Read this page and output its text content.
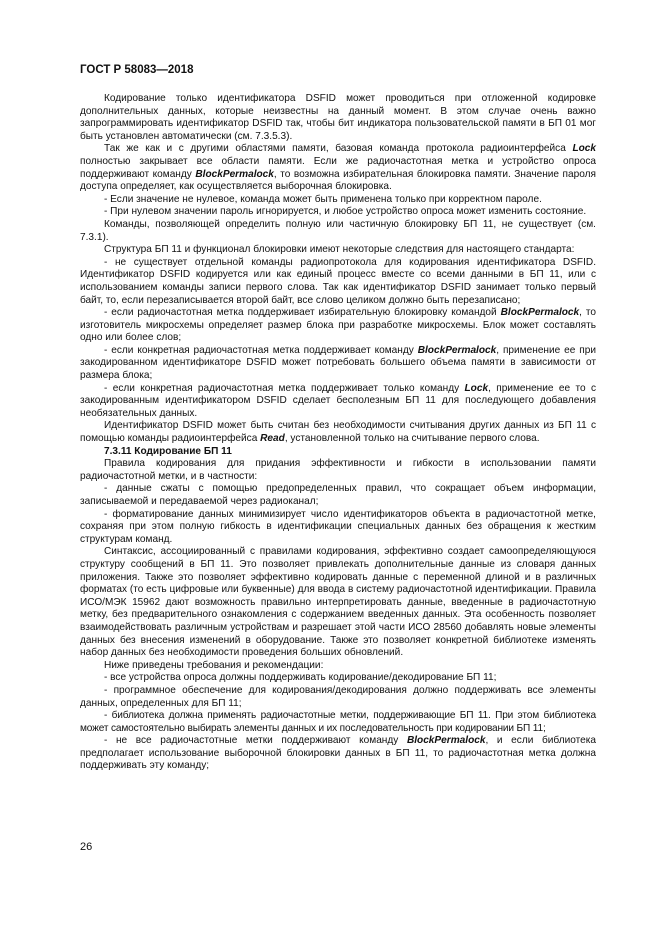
ГОСТ Р 58083—2018

Кодирование только идентификатора DSFID может проводиться при отложенной кодировке дополнительных данных, которые неизвестны на данный момент. В этом случае очень важно запрограммировать идентификатор DSFID так, чтобы бит индикатора пользовательской памяти в БП 01 мог быть установлен автоматически (см. 7.3.5.3).

Так же как и с другими областями памяти, базовая команда протокола радиоинтерфейса Lock полностью закрывает все области памяти. Если же радиочастотная метка и устройство опроса поддерживают команду BlockPermalock, то возможна избирательная блокировка памяти. Значение пароля доступа определяет, как осуществляется выборочная блокировка.

- Если значение не нулевое, команда может быть применена только при корректном пароле.

- При нулевом значении пароль игнорируется, и любое устройство опроса может изменить состояние.

Команды, позволяющей определить полную или частичную блокировку БП 11, не существует (см. 7.3.1).

Структура БП 11 и функционал блокировки имеют некоторые следствия для настоящего стандарта:

- не существует отдельной команды радиопротокола для кодирования идентификатора DSFID. Идентификатор DSFID кодируется или как единый процесс вместе со всеми данными в БП 11, или с использованием команды записи первого слова. Так как идентификатор DSFID занимает только первый байт, то, если перезаписывается второй байт, все слово целиком должно быть перезаписано;

- если радиочастотная метка поддерживает избирательную блокировку командой BlockPermalock, то изготовитель микросхемы определяет размер блока при разработке микросхемы. Блок может составлять одно или более слов;

- если конкретная радиочастотная метка поддерживает команду BlockPermalock, применение ее при закодированном идентификаторе DSFID может потребовать большего объема памяти в зависимости от размера блока;

- если конкретная радиочастотная метка поддерживает только команду Lock, применение ее то с закодированным идентификатором DSFID сделает бесполезным БП 11 для последующего добавления необязательных данных.

Идентификатор DSFID может быть считан без необходимости считывания других данных из БП 11 с помощью команды радиоинтерфейса Read, установленной только на считывание первого слова.

7.3.11 Кодирование БП 11

Правила кодирования для придания эффективности и гибкости в использовании памяти радиочастотной метки, и в частности:

- данные сжаты с помощью предопределенных правил, что сокращает объем информации, записываемой и передаваемой через радиоканал;

- форматирование данных минимизирует число идентификаторов объекта в радиочастотной метке, сохраняя при этом полную гибкость в идентификации специальных данных без обращения к жестким структурам команд.

Синтаксис, ассоциированный с правилами кодирования, эффективно создает самоопределяющуюся структуру сообщений в БП 11. Это позволяет привлекать дополнительные данные из словаря данных приложения. Также это позволяет эффективно кодировать данные с переменной длиной и в различных форматах (то есть цифровые или буквенные) для ввода в систему радиочастотной идентификации. Правила ИСО/МЭК 15962 дают возможность правильно интерпретировать данные, введенные в радиочастотную метку, без предварительного ознакомления с содержанием введенных данных. Эта особенность позволяет взаимодействовать различным устройствам и разрешает этой части ИСО 28560 добавлять новые элементы данных без внесения изменений в оборудование. Также это позволяет конкретной библиотеке изменять набор данных без необходимости проведения больших обновлений.

Ниже приведены требования и рекомендации:

- все устройства опроса должны поддерживать кодирование/декодирование БП 11;

- программное обеспечение для кодирования/декодирования должно поддерживать все элементы данных, определенных для БП 11;

- библиотека должна применять радиочастотные метки, поддерживающие БП 11. При этом библиотека может самостоятельно выбирать элементы данных и их последовательность при кодировании БП 11;

- не все радиочастотные метки поддерживают команду BlockPermalock, и если библиотека предполагает использование выборочной блокировки данных в БП 11, то радиочастотная метка должна поддерживать эту команду;

26
